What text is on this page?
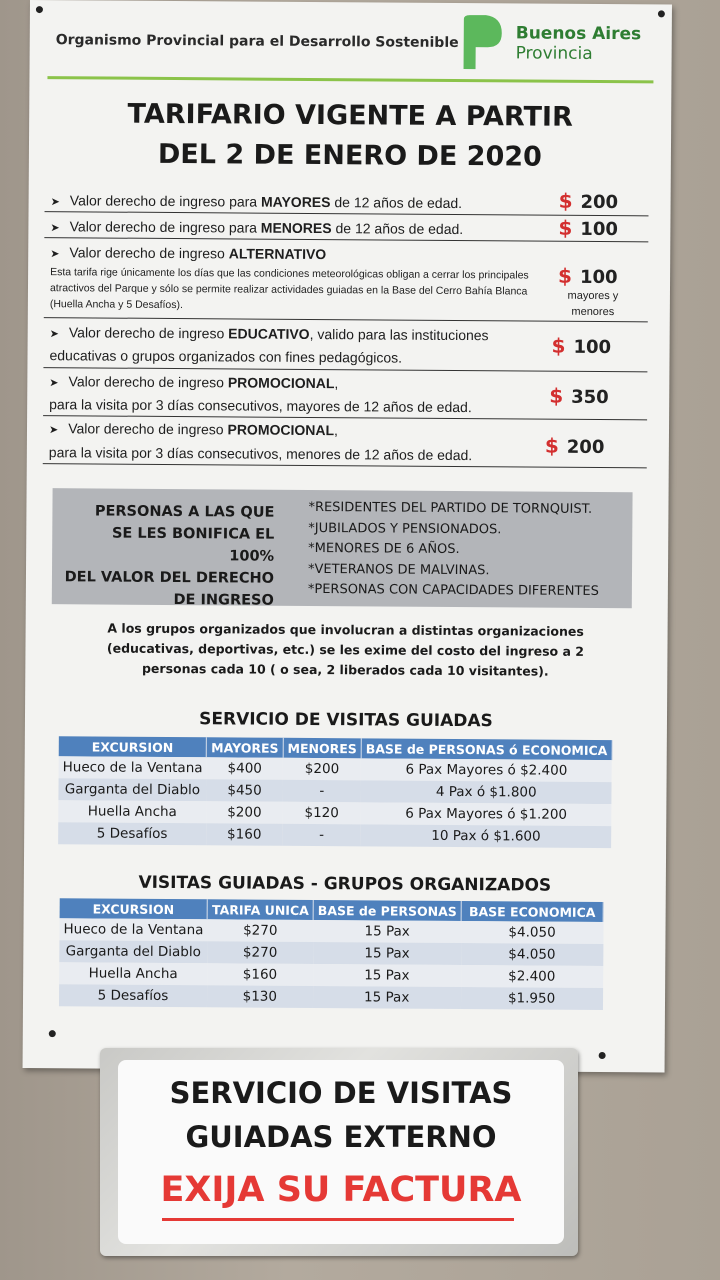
Organismo Provincial para el Desarrollo Sostenible	Buenos Aires
Provincia
TARIFARIO VIGENTE A PARTIR
DEL 2 DE ENERO DE 2020
➤ Valor derecho de ingreso para MAYORES de 12 años de edad.	$ 200
➤ Valor derecho de ingreso para MENORES de 12 años de edad.	$ 100
➤ Valor derecho de ingreso ALTERNATIVO
Esta tarifa rige únicamente los días que las condiciones meteorológicas obligan a cerrar los principales atractivos del Parque y sólo se permite realizar actividades guiadas en la Base del Cerro Bahía Blanca (Huella Ancha y 5 Desafíos).
$ 100
mayores y menores
➤ Valor derecho de ingreso EDUCATIVO, valido para las instituciones
educativas o grupos organizados con fines pedagógicos.	$ 100
➤ Valor derecho de ingreso PROMOCIONAL,
para la visita por 3 días consecutivos, mayores de 12 años de edad.	$ 350
➤ Valor derecho de ingreso PROMOCIONAL,
para la visita por 3 días consecutivos, menores de 12 años de edad.	$ 200
PERSONAS A LAS QUE
SE LES BONIFICA EL 100%
DEL VALOR DEL DERECHO
DE INGRESO
*RESIDENTES DEL PARTIDO DE TORNQUIST.
*JUBILADOS Y PENSIONADOS.
*MENORES DE 6 AÑOS.
*VETERANOS DE MALVINAS.
*PERSONAS CON CAPACIDADES DIFERENTES
A los grupos organizados que involucran a distintas organizaciones
(educativas, deportivas, etc.) se les exime del costo del ingreso a 2
personas cada 10 ( o sea, 2 liberados cada 10 visitantes).
SERVICIO DE VISITAS GUIADAS
EXCURSION	MAYORES	MENORES	BASE de PERSONAS ó ECONOMICA
Hueco de la Ventana	$400	$200	6 Pax Mayores ó $2.400
Garganta del Diablo	$450	-	4 Pax ó $1.800
Huella Ancha	$200	$120	6 Pax Mayores ó $1.200
5 Desafíos	$160	-	10 Pax ó $1.600
VISITAS GUIADAS - GRUPOS ORGANIZADOS
EXCURSION	TARIFA UNICA	BASE de PERSONAS	BASE ECONOMICA
Hueco de la Ventana	$270	15 Pax	$4.050
Garganta del Diablo	$270	15 Pax	$4.050
Huella Ancha	$160	15 Pax	$2.400
5 Desafíos	$130	15 Pax	$1.950
SERVICIO DE VISITAS
GUIADAS EXTERNO
EXIJA SU FACTURA
